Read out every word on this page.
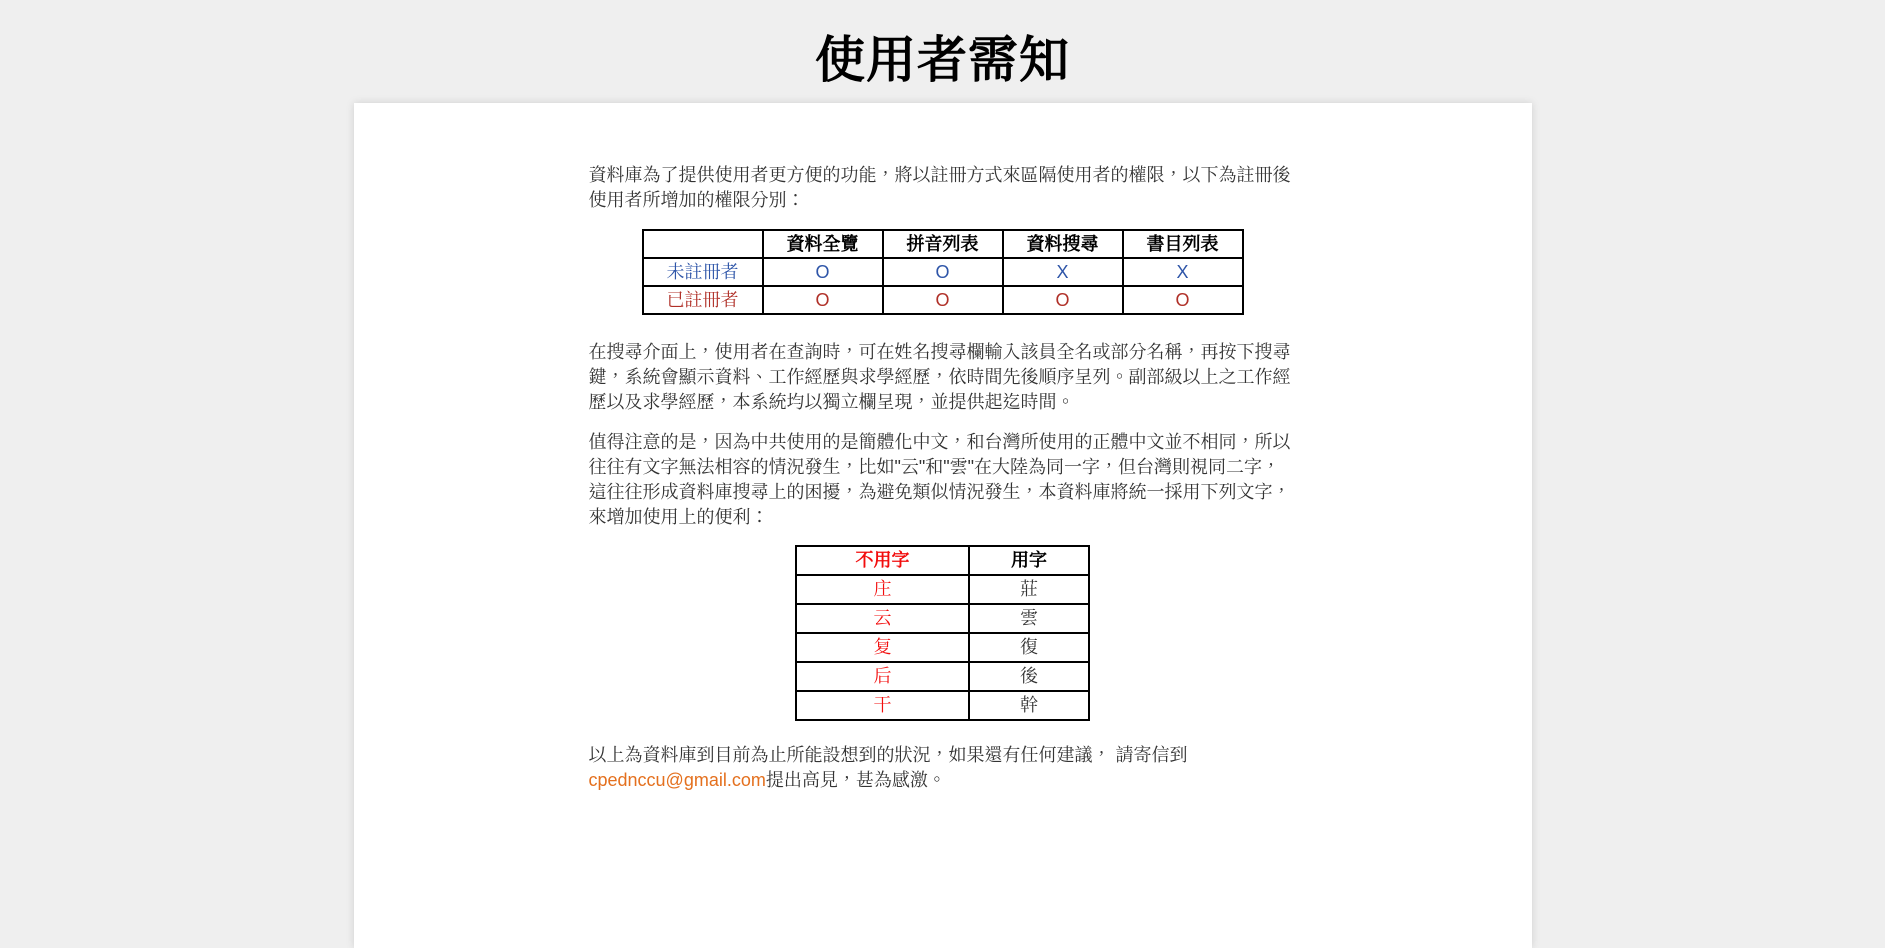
使用者需知

資料庫為了提供使用者更方便的功能，將以註冊方式來區隔使用者的權限，以下為註冊後使用者所增加的權限分別：

	資料全覽	拼音列表	資料搜尋	書目列表
未註冊者	O	O	X	X
已註冊者	O	O	O	O

在搜尋介面上，使用者在查詢時，可在姓名搜尋欄輸入該員全名或部分名稱，再按下搜尋鍵，系統會顯示資料、工作經歷與求學經歷，依時間先後順序呈列。副部級以上之工作經歷以及求學經歷，本系統均以獨立欄呈現，並提供起迄時間。

值得注意的是，因為中共使用的是簡體化中文，和台灣所使用的正體中文並不相同，所以往往有文字無法相容的情況發生，比如"云"和"雲"在大陸為同一字，但台灣則視同二字，這往往形成資料庫搜尋上的困擾，為避免類似情況發生，本資料庫將統一採用下列文字，來增加使用上的便利：

不用字	用字
庄	莊
云	雲
复	復
后	後
干	幹

以上為資料庫到目前為止所能設想到的狀況，如果還有任何建議， 請寄信到cpednccu@gmail.com提出高見，甚為感激。
